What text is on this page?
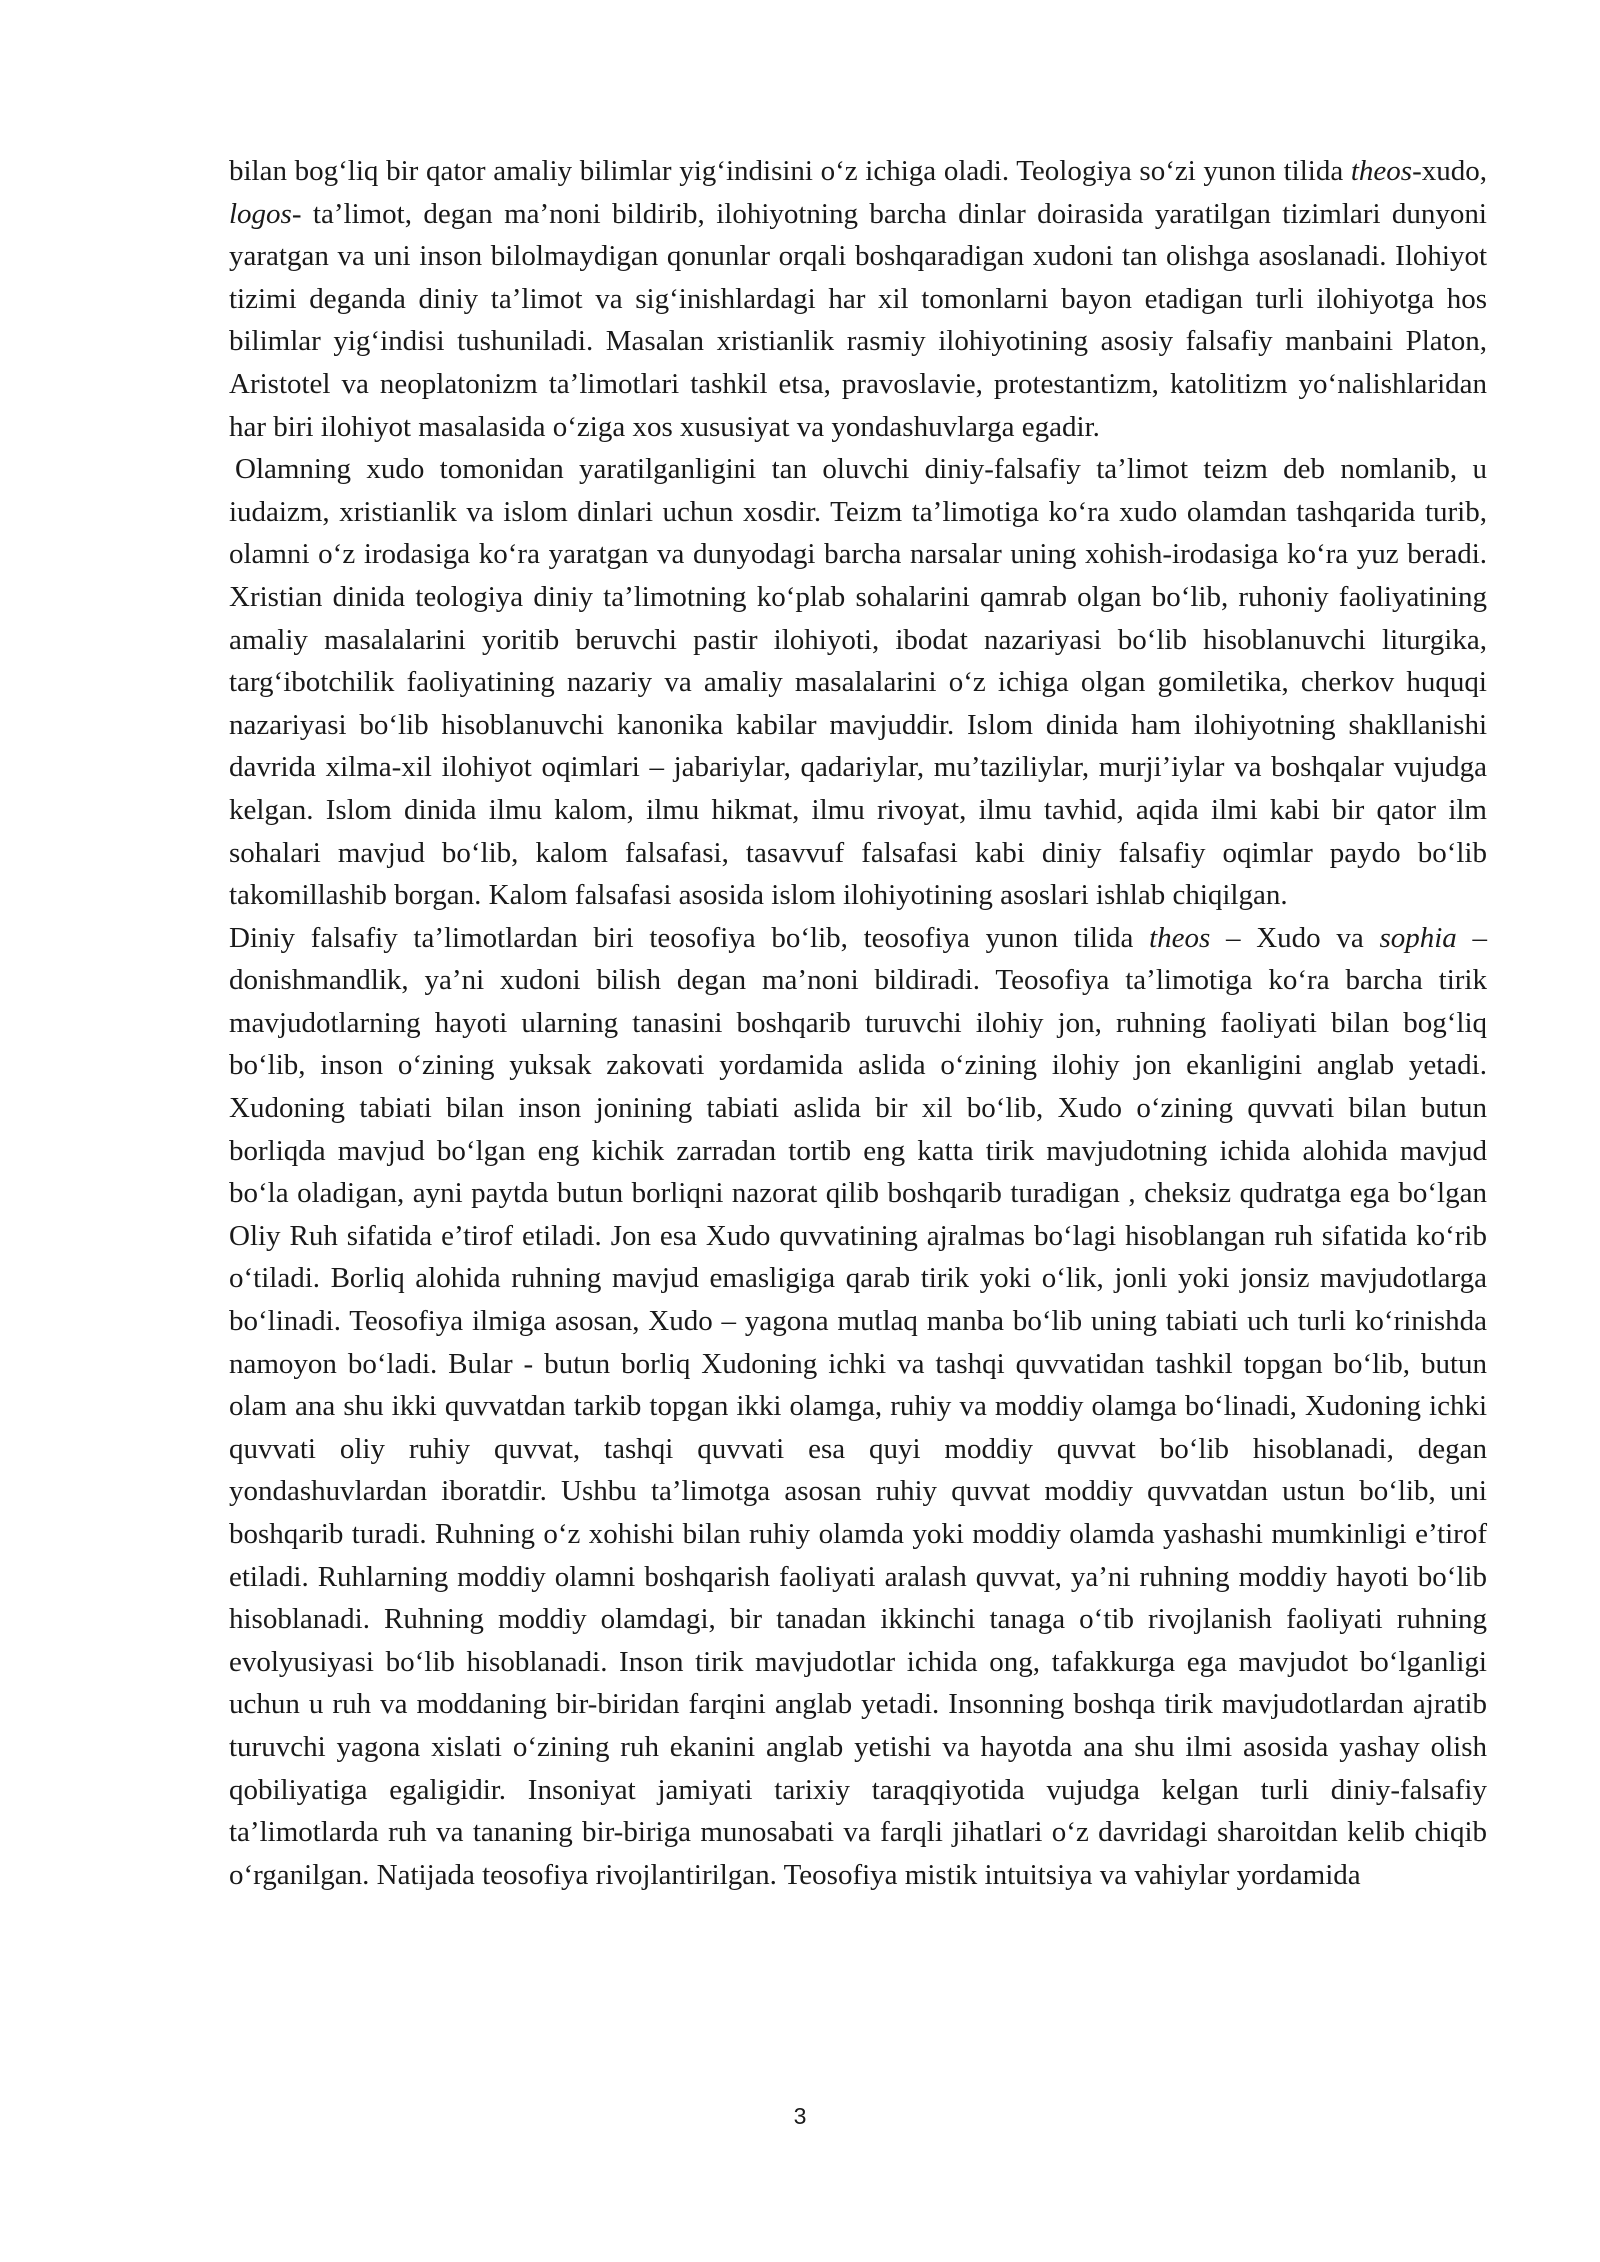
bilan bog‘liq bir qator amaliy bilimlar yig‘indisini o‘z ichiga oladi. Teologiya so‘zi yunon tilida theos-xudo, logos- ta’limot, degan ma’noni bildirib, ilohiyotning barcha dinlar doirasida yaratilgan tizimlari dunyoni yaratgan va uni inson bilolmaydigan qonunlar orqali boshqaradigan xudoni tan olishga asoslanadi. Ilohiyot tizimi deganda diniy ta’limot va sig‘inishlardagi har xil tomonlarni bayon etadigan turli ilohiyotga hos bilimlar yig‘indisi tushuniladi. Masalan xristianlik rasmiy ilohiyotining asosiy falsafiy manbaini Platon, Aristotel va neoplatonizm ta’limotlari tashkil etsa, pravoslavie, protestantizm, katolitizm yo‘nalishlaridan har biri ilohiyot masalasida o‘ziga xos xususiyat va yondashuvlarga egadir.

Olamning xudo tomonidan yaratilganligini tan oluvchi diniy-falsafiy ta’limot teizm deb nomlanib, u iudaizm, xristianlik va islom dinlari uchun xosdir. Teizm ta’limotiga ko‘ra xudo olamdan tashqarida turib, olamni o‘z irodasiga ko‘ra yaratgan va dunyodagi barcha narsalar uning xohish-irodasiga ko‘ra yuz beradi. Xristian dinida teologiya diniy ta’limotning ko‘plab sohalarini qamrab olgan bo‘lib, ruhoniy faoliyatining amaliy masalalarini yoritib beruvchi pastir ilohiyoti, ibodat nazariyasi bo‘lib hisoblanuvchi liturgika, targ‘ibotchilik faoliyatining nazariy va amaliy masalalarini o‘z ichiga olgan gomiletika, cherkov huquqi nazariyasi bo‘lib hisoblanuvchi kanonika kabilar mavjuddir. Islom dinida ham ilohiyotning shakllanishi davrida xilma-xil ilohiyot oqimlari – jabariylar, qadariylar, mu’taziliylar, murji’iylar va boshqalar vujudga kelgan. Islom dinida ilmu kalom, ilmu hikmat, ilmu rivoyat, ilmu tavhid, aqida ilmi kabi bir qator ilm sohalari mavjud bo‘lib, kalom falsafasi, tasavvuf falsafasi kabi diniy falsafiy oqimlar paydo bo‘lib takomillashib borgan. Kalom falsafasi asosida islom ilohiyotining asoslari ishlab chiqilgan.

Diniy falsafiy ta’limotlardan biri teosofiya bo‘lib, teosofiya yunon tilida theos – Xudo va sophia – donishmandlik, ya’ni xudoni bilish degan ma’noni bildiradi. Teosofiya ta’limotiga ko‘ra barcha tirik mavjudotlarning hayoti ularning tanasini boshqarib turuvchi ilohiy jon, ruhning faoliyati bilan bog‘liq bo‘lib, inson o‘zining yuksak zakovati yordamida aslida o‘zining ilohiy jon ekanligini anglab yetadi. Xudoning tabiati bilan inson jonining tabiati aslida bir xil bo‘lib, Xudo o‘zining quvvati bilan butun borliqda mavjud bo‘lgan eng kichik zarradan tortib eng katta tirik mavjudotning ichida alohida mavjud bo‘la oladigan, ayni paytda butun borliqni nazorat qilib boshqarib turadigan , cheksiz qudratga ega bo‘lgan Oliy Ruh sifatida e’tirof etiladi. Jon esa Xudo quvvatining ajralmas bo‘lagi hisoblangan ruh sifatida ko‘rib o‘tiladi. Borliq alohida ruhning mavjud emasligiga qarab tirik yoki o‘lik, jonli yoki jonsiz mavjudotlarga bo‘linadi. Teosofiya ilmiga asosan, Xudo – yagona mutlaq manba bo‘lib uning tabiati uch turli ko‘rinishda namoyon bo‘ladi. Bular - butun borliq Xudoning ichki va tashqi quvvatidan tashkil topgan bo‘lib, butun olam ana shu ikki quvvatdan tarkib topgan ikki olamga, ruhiy va moddiy olamga bo‘linadi, Xudoning ichki quvvati oliy ruhiy quvvat, tashqi quvvati esa quyi moddiy quvvat bo‘lib hisoblanadi, degan yondashuvlardan iboratdir. Ushbu ta’limotga asosan ruhiy quvvat moddiy quvvatdan ustun bo‘lib, uni boshqarib turadi. Ruhning o‘z xohishi bilan ruhiy olamda yoki moddiy olamda yashashi mumkinligi e’tirof etiladi. Ruhlarning moddiy olamni boshqarish faoliyati aralash quvvat, ya’ni ruhning moddiy hayoti bo‘lib hisoblanadi. Ruhning moddiy olamdagi, bir tanadan ikkinchi tanaga o‘tib rivojlanish faoliyati ruhning evolyusiyasi bo‘lib hisoblanadi. Inson tirik mavjudotlar ichida ong, tafakkurga ega mavjudot bo‘lganligi uchun u ruh va moddaning bir-biridan farqini anglab yetadi. Insonning boshqa tirik mavjudotlardan ajratib turuvchi yagona xislati o‘zining ruh ekanini anglab yetishi va hayotda ana shu ilmi asosida yashay olish qobiliyatiga egaligidir. Insoniyat jamiyati tarixiy taraqqiyotida vujudga kelgan turli diniy-falsafiy ta’limotlarda ruh va tananing bir-biriga munosabati va farqli jihatlari o‘z davridagi sharoitdan kelib chiqib o‘rganilgan. Natijada teosofiya rivojlantirilgan. Teosofiya mistik intuitsiya va vahiylar yordamida

3
